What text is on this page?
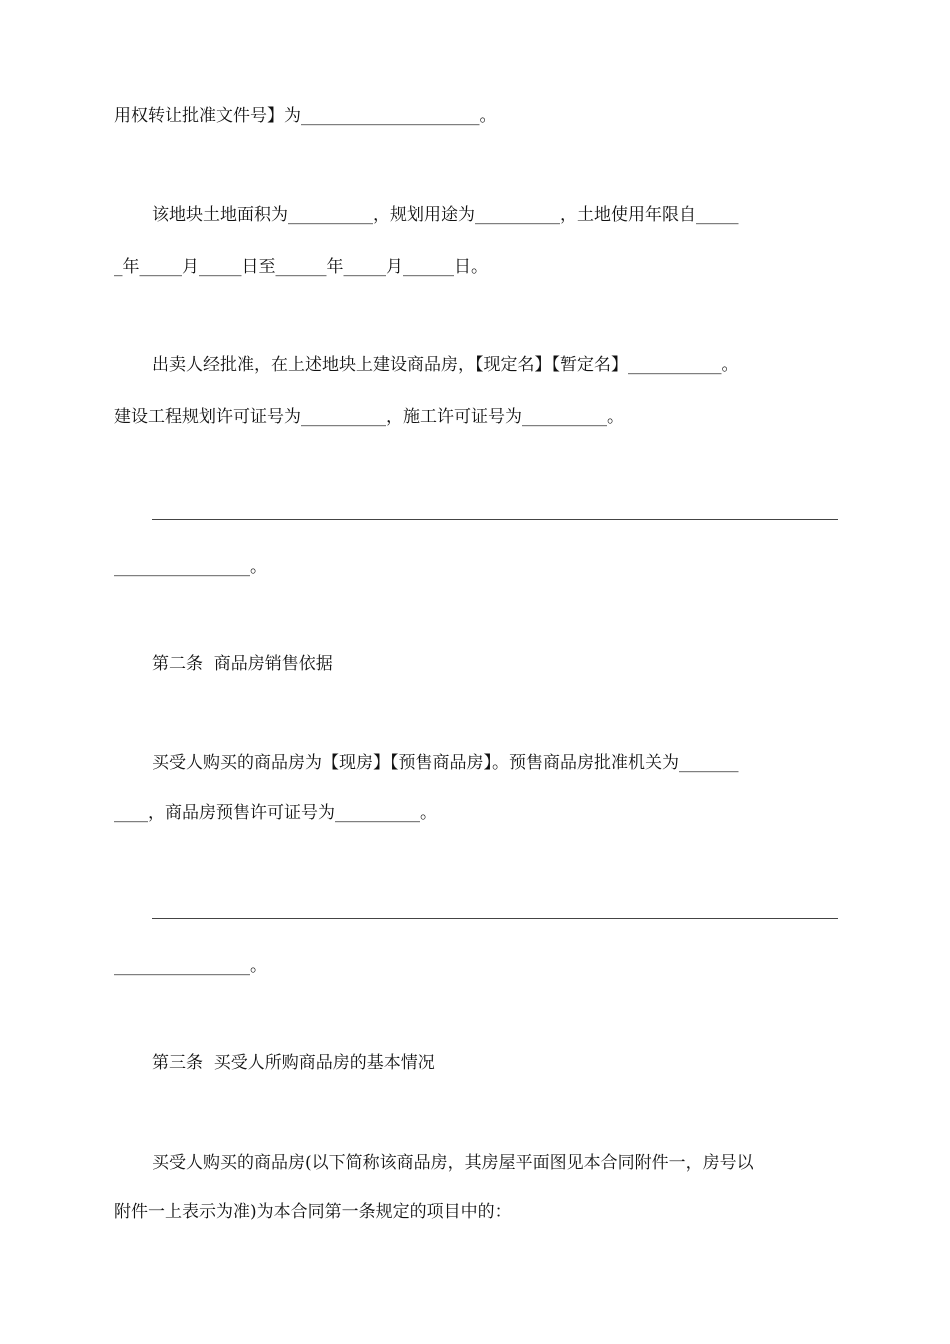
用权转让批准文件号】为_____________________。
该地块土地面积为__________，规划用途为__________，土地使用年限自_____
_年_____月_____日至______年_____月______日。
出卖人经批准，在上述地块上建设商品房，【现定名】【暂定名】___________。
建设工程规划许可证号为__________，施工许可证号为__________。
________________。
第二条  商品房销售依据
买受人购买的商品房为【现房】【预售商品房】。预售商品房批准机关为_______
____，商品房预售许可证号为__________。
________________。
第三条  买受人所购商品房的基本情况
买受人购买的商品房(以下简称该商品房，其房屋平面图见本合同附件一，房号以
附件一上表示为准)为本合同第一条规定的项目中的：
